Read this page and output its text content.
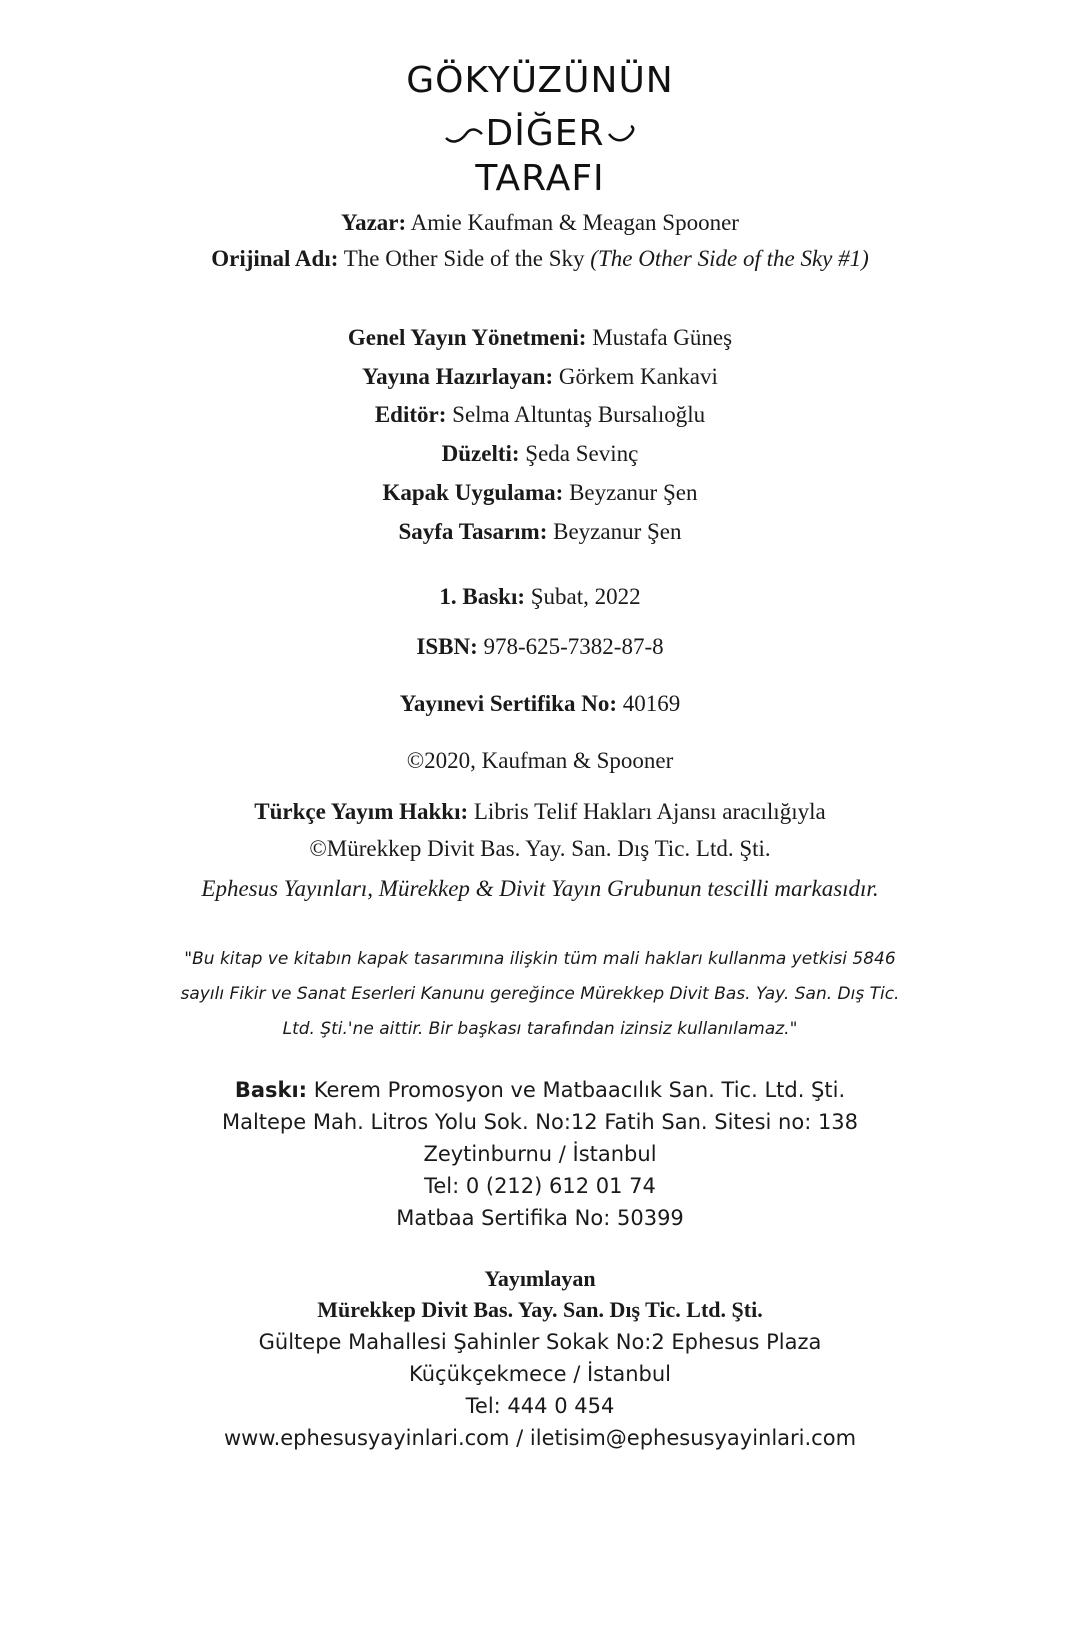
GÖKYÜZÜNÜN
DİĞER
TARAFI
Yazar: Amie Kaufman & Meagan Spooner
Orijinal Adı: The Other Side of the Sky (The Other Side of the Sky #1)
Genel Yayın Yönetmeni: Mustafa Güneş
Yayına Hazırlayan: Görkem Kankavi
Editör: Selma Altuntaş Bursalıoğlu
Düzelti: Şeda Sevinç
Kapak Uygulama: Beyzanur Şen
Sayfa Tasarım: Beyzanur Şen
1. Baskı: Şubat, 2022
ISBN: 978-625-7382-87-8
Yayınevi Sertifika No: 40169
©2020, Kaufman & Spooner
Türkçe Yayım Hakkı: Libris Telif Hakları Ajansı aracılığıyla
©Mürekkep Divit Bas. Yay. San. Dış Tic. Ltd. Şti.
Ephesus Yayınları, Mürekkep & Divit Yayın Grubunun tescilli markasıdır.
"Bu kitap ve kitabın kapak tasarımına ilişkin tüm mali hakları kullanma yetkisi 5846
sayılı Fikir ve Sanat Eserleri Kanunu gereğince Mürekkep Divit Bas. Yay. San. Dış Tic.
Ltd. Şti.'ne aittir. Bir başkası tarafından izinsiz kullanılamaz."
Baskı: Kerem Promosyon ve Matbaacılık San. Tic. Ltd. Şti.
Maltepe Mah. Litros Yolu Sok. No:12 Fatih San. Sitesi no: 138
Zeytinburnu / İstanbul
Tel: 0 (212) 612 01 74
Matbaa Sertifika No: 50399
Yayımlayan
Mürekkep Divit Bas. Yay. San. Dış Tic. Ltd. Şti.
Gültepe Mahallesi Şahinler Sokak No:2 Ephesus Plaza
Küçükçekmece / İstanbul
Tel: 444 0 454
www.ephesusyayinlari.com / iletisim@ephesusyayinlari.com
